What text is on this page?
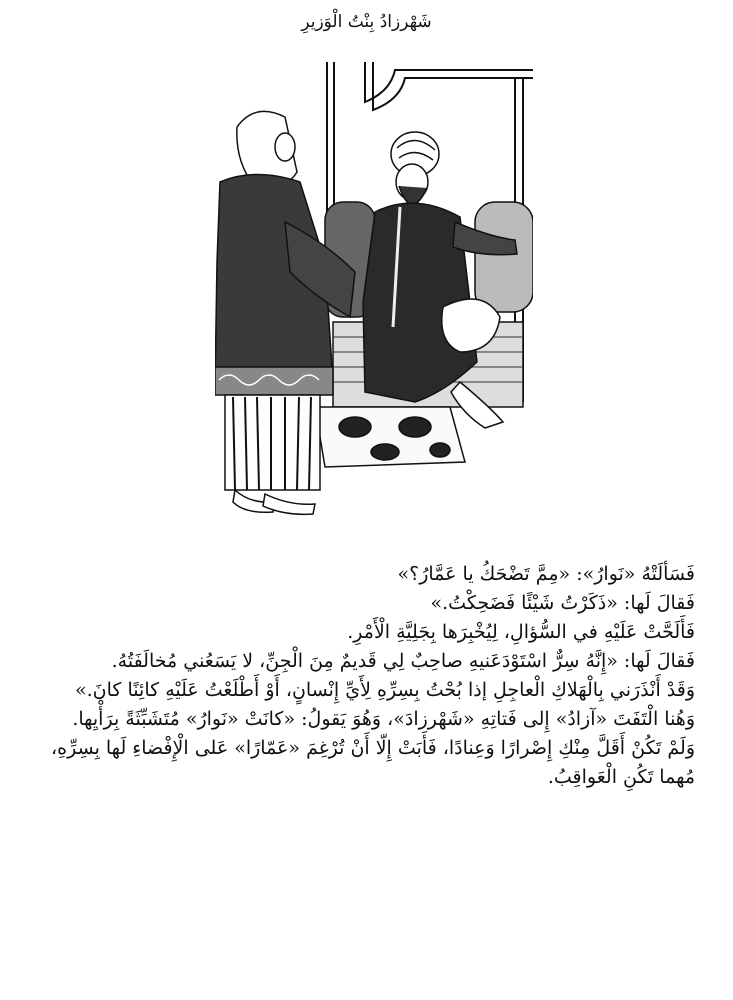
شَهْرزادُ بِنْتُ الْوَزيرِ

فَسَألَتْهُ «نَوارُ»: «مِمَّ تَضْحَكُ يا عَمَّارُ؟»

فَقالَ لَها: «ذَكَرْتُ شَيْئًا فَضَحِكْتُ.»

فَأَلَحَّتْ عَلَيْهِ في السُّؤالِ، لِيُخْبِرَها بِجَلِيَّةِ الْأَمْرِ.

فَقالَ لَها: «إِنَّهُ سِرٌّ اسْتَوْدَعَنيهِ صاحِبٌ لِي قَديمٌ مِنَ الْجِنِّ، لا يَسَعُني مُخالَفَتُهُ.

وَقَدْ أَنْذَرَني بِالْهَلاكِ الْعاجِلِ إذا بُحْتُ بِسِرِّهِ لِأَيِّ إِنْسانٍ، أَوْ أَطْلَعْتُ عَلَيْهِ كائِنًا كانَ.»

وَهُنا الْتَفَتَ «آزادُ» إِلى فَتاتِهِ «شَهْرزادَ»، وَهُوَ يَقولُ: «كانَتْ «نَوارُ» مُتَشَبِّثَةً بِرَأْيِها.

وَلَمْ تَكُنْ أَقَلَّ مِنْكِ إِصْرارًا وَعِنادًا، فَأَبَتْ إِلّا أَنْ تُرْغِمَ «عَمّارًا» عَلى الْإِفْضاءِ لَها بِسِرِّهِ، مُهما تَكُنِ الْعَواقِبُ.
